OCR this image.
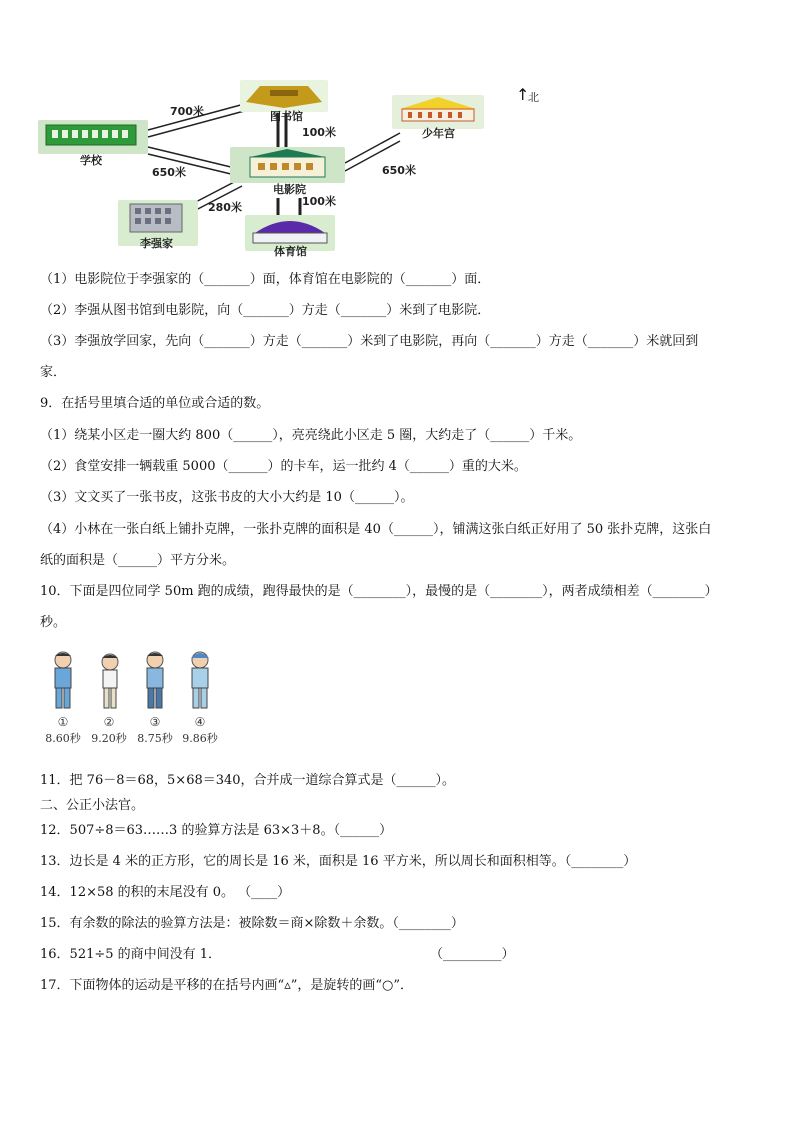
图书馆
100米
学校
700米
650米
电影院
650米
少年宫
↑
北
李强家
280米
体育馆
100米
（1）电影院位于李强家的（_______）面，体育馆在电影院的（_______）面．
（2）李强从图书馆到电影院，向（_______）方走（_______）米到了电影院．
（3）李强放学回家，先向（_______）方走（_______）米到了电影院，再向（_______）方走（_______）米就回到
家．
9．在括号里填合适的单位或合适的数。
（1）绕某小区走一圈大约 800（______），亮亮绕此小区走 5 圈，大约走了（______）千米。
（2）食堂安排一辆载重 5000（______）的卡车，运一批约 4（______）重的大米。
（3）文文买了一张书皮，这张书皮的大小大约是 10（______）。
（4）小林在一张白纸上铺扑克牌，一张扑克牌的面积是 40（______），铺满这张白纸正好用了 50 张扑克牌，这张白
纸的面积是（______）平方分米。
10．下面是四位同学 50m 跑的成绩，跑得最快的是（________），最慢的是（________），两者成绩相差（________）
秒。
①	②	③	④
8.60秒 9.20秒 8.75秒 9.86秒
11．把 76－8＝68，5×68＝340，合并成一道综合算式是（______）。
二、公正小法官。
12．507÷8＝63……3 的验算方法是 63×3＋8。（______）
13．边长是 4 米的正方形，它的周长是 16 米，面积是 16 平方米，所以周长和面积相等。（________）
14．12×58 的积的末尾没有 0。 （____）
15．有余数的除法的验算方法是：被除数＝商×除数＋余数。（________）
16．521÷5 的商中间没有 1．	（_________）
17．下面物体的运动是平移的在括号内画“▵”，是旋转的画“○”．
